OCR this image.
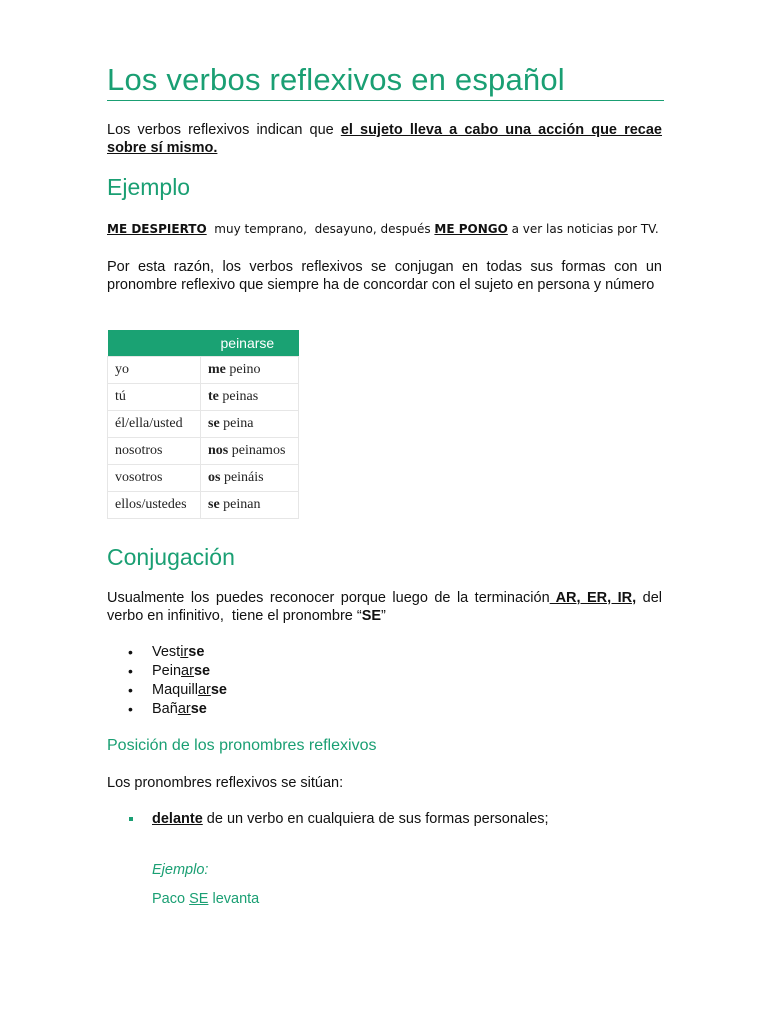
Los verbos reflexivos en español

Los verbos reflexivos indican que el sujeto lleva a cabo una acción que recae sobre sí mismo.

Ejemplo
ME DESPIERTO  muy temprano,  desayuno, después ME PONGO a ver las noticias por TV.

Por esta razón, los verbos reflexivos se conjugan en todas sus formas con un pronombre reflexivo que siempre ha de concordar con el sujeto en persona y número

	peinarse
yo	me peino
tú	te peinas
él/ella/usted	se peina
nosotros	nos peinamos
vosotros	os peináis
ellos/ustedes	se peinan
Conjugación

Usualmente los puedes reconocer porque luego de la terminación AR, ER, IR, del verbo en infinitivo,  tiene el pronombre “SE”

• Vestirse
• Peinarse
• Maquillarse
• Bañarse
Posición de los pronombres reflexivos

Los pronombres reflexivos se sitúan:

delante de un verbo en cualquiera de sus formas personales;
Ejemplo:
Paco SE levanta
